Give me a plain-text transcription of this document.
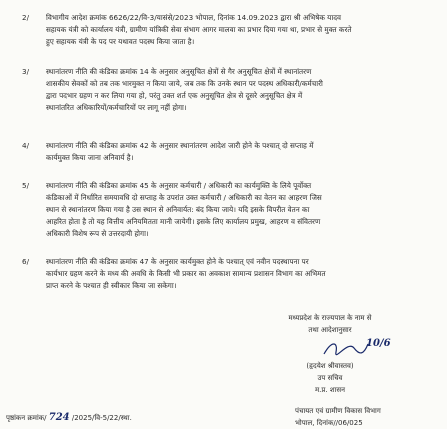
2/	विभागीय आदेश क्रमांक 6626/22/वि-3/यासंसे/2023 भोपाल, दिनांक 14.09.2023 द्वारा श्री अभिषेक यादव
सहायक यंत्री को कार्यालय यंत्री, ग्रामीण यांत्रिकी सेवा संभाग आगर मालवा का प्रभार दिया गया था, प्रभार से मुक्त करते
हुए सहायक यंत्री के पद पर यथावत पदस्थ किया जाता है।
3/	स्थानांतरण नीति की कंडिका क्रमांक 14 के अनुसार अनुसूचित क्षेत्रों से गैर अनुसूचित क्षेत्रों में स्थानांतरण
शासकीय सेवकों को तब तक भारमुक्त न किया जाये, जब तक कि उनके स्थान पर पदस्थ अधिकारी/कर्मचारी
द्वारा पदभार ग्रहण न कर लिया गया हो, परंतु उक्त शर्त एक अनुसूचित क्षेत्र से दूसरे अनुसूचित क्षेत्र में
स्थानांतरित अधिकारियों/कर्मचारियों पर लागू नहीं होगा।
4/	स्थानांतरण नीति की कंडिका क्रमांक 42 के अनुसार स्थानांतरण आदेश जारी होने के पश्चात् दो सप्ताह में
कार्यमुक्त किया जाना अनिवार्य है।
5/	स्थानांतरण नीति की कंडिका क्रमांक 45 के अनुसार कर्मचारी / अधिकारी का कार्यमुक्ति के लिये पूर्वोक्त
कंडिकाओं में निर्धारित समयावधि दो सप्ताह के उपरांत उक्त कर्मचारी / अधिकारी का वेतन का आहरण जिस
स्थान से स्थानांतरण किया गया है उस स्थान से अनिवार्यत: बंद किया जाये। यदि इसके विपरीत वेतन का
आहरित होता है तो यह वित्तीय अनियमितता मानी जायेगी। इसके लिए कार्यालय प्रमुख, आहरण व संवितरण
अधिकारी विशेष रूप से उत्तरदायी होगा।
6/	स्थानांतरण नीति की कंडिका क्रमांक 47 के अनुसार कार्यमुक्त होने के पश्चात् एवं नवीन पदस्थापना पर
कार्यभार ग्रहण करने के मध्य की अवधि के किसी भी प्रकार का अवकाश सामान्य प्रशासन विभाग का अभिमत
प्राप्त करने के पश्चात ही स्वीकार किया जा सकेगा।
मध्यप्रदेश के राज्यपाल के नाम से
तथा आदेशानुसार
10/6
(हृदयेश श्रीवास्तव)
उप सचिव
म.प्र. शासन
पृष्ठांकन क्रमांक/ 724 /2025/वि-5/22/स्था.
पंचायत एवं ग्रामीण विकास विभाग
भोपाल, दिनांक//06/025
